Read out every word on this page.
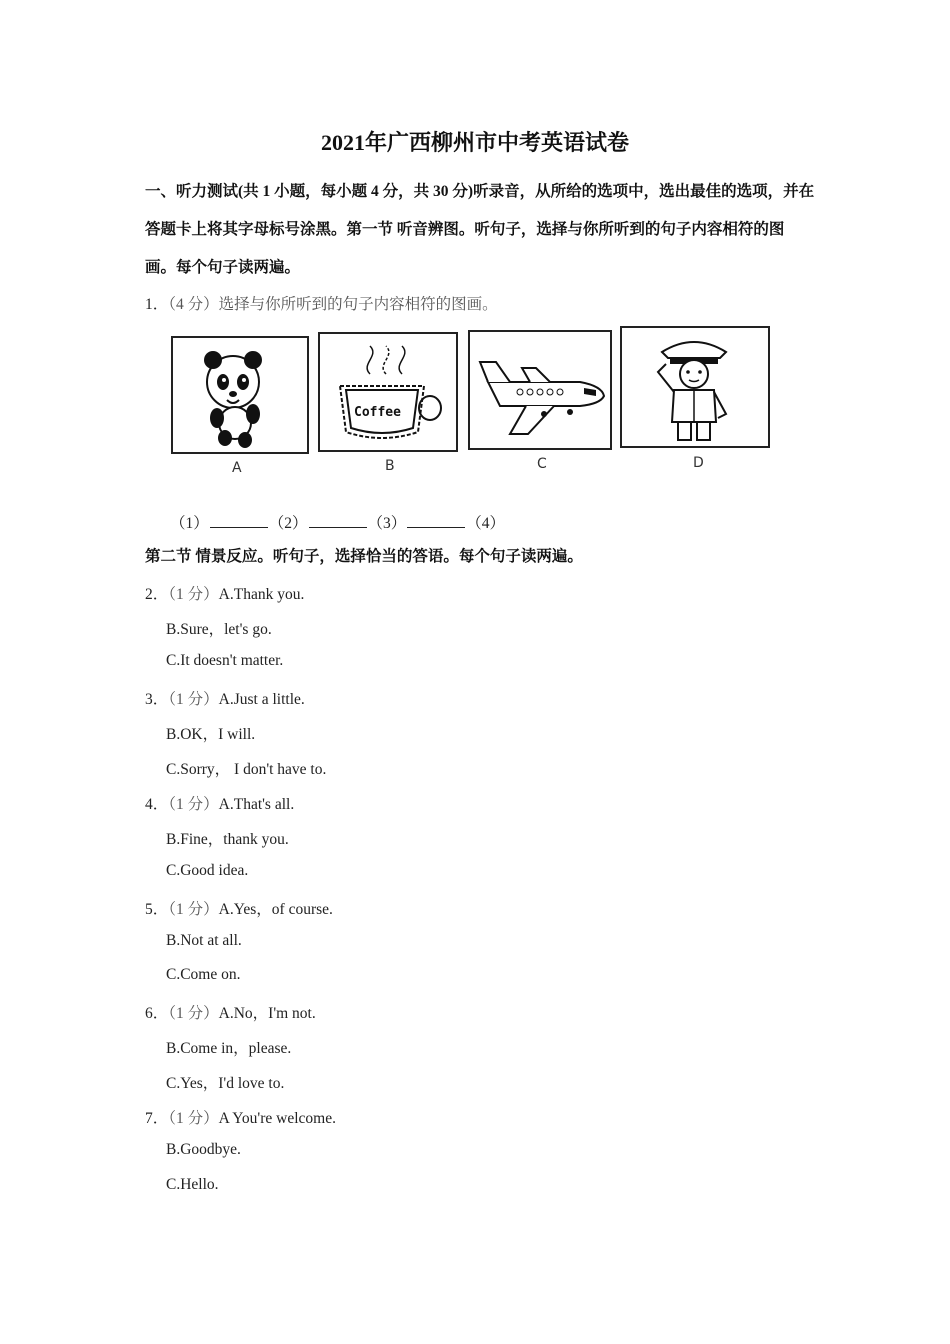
2021年广西柳州市中考英语试卷
一、听力测试(共 1 小题，每小题 4 分，共 30 分)听录音，从所给的选项中，选出最佳的选项，并在答题卡上将其字母标号涂黑。第一节 听音辨图。听句子，选择与你所听到的句子内容相符的图画。每个句子读两遍。
1．（4 分）选择与你所听到的句子内容相符的图画。
A
Coffee
B	C	D
（1）	（2）	（3）	（4）
第二节 情景反应。听句子，选择恰当的答语。每个句子读两遍。
2．（1 分）A.Thank you.
B.Sure，let's go.
C.It doesn't matter.
3．（1 分）A.Just a little.
B.OK，I will.
C.Sorry， I don't have to.
4．（1 分）A.That's all.
B.Fine，thank you.
C.Good idea.
5．（1 分）A.Yes，of course.
B.Not at all.
C.Come on.
6．（1 分）A.No，I'm not.
B.Come in，please.
C.Yes，I'd love to.
7．（1 分）A You're welcome.
B.Goodbye.
C.Hello.
